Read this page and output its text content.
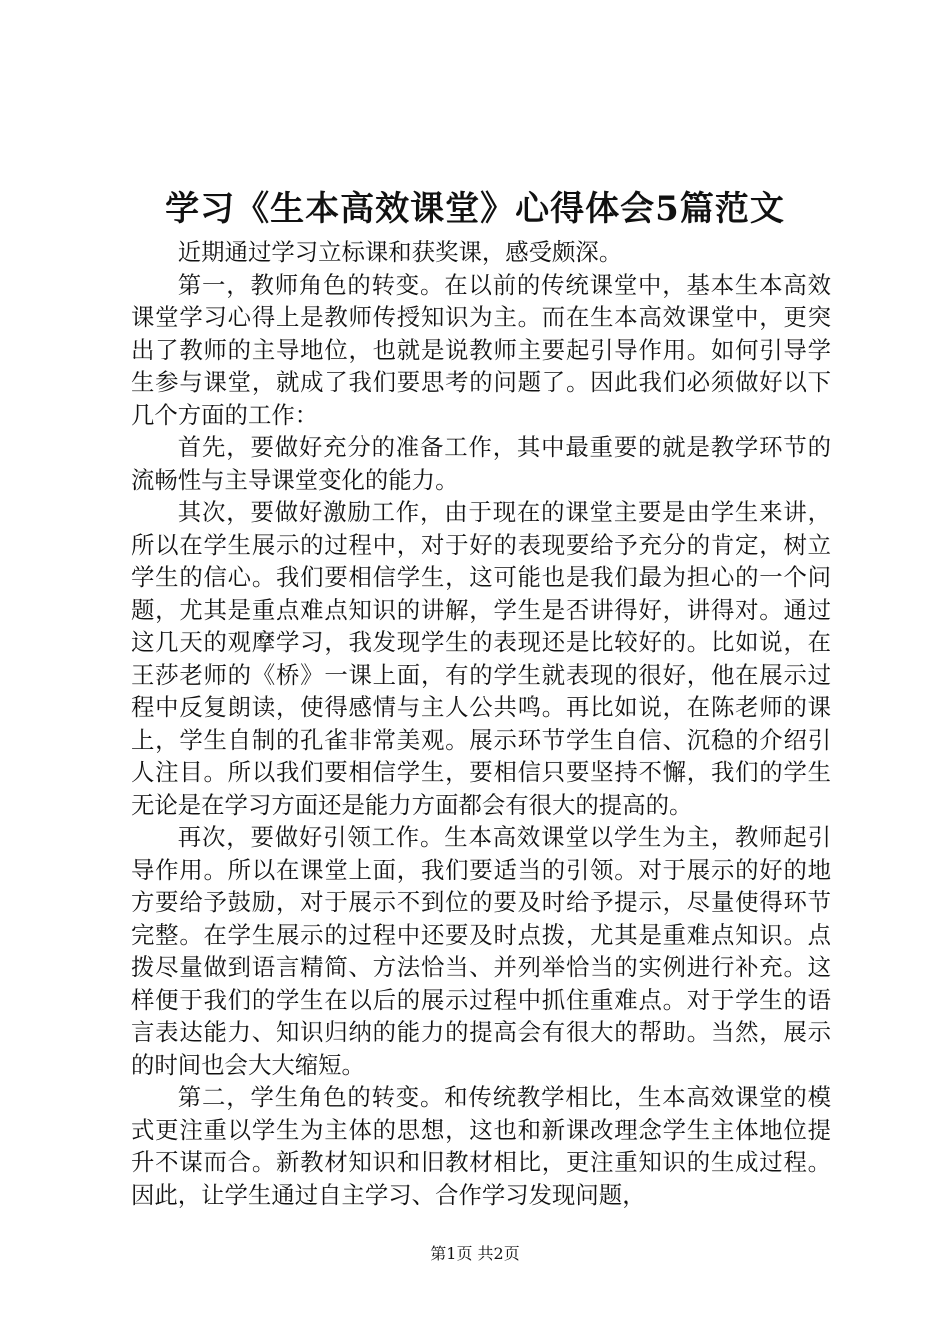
学习《生本高效课堂》心得体会5篇范文

近期通过学习立标课和获奖课，感受颇深。

第一，教师角色的转变。在以前的传统课堂中，基本生本高效课堂学习心得上是教师传授知识为主。而在生本高效课堂中，更突出了教师的主导地位，也就是说教师主要起引导作用。如何引导学生参与课堂，就成了我们要思考的问题了。因此我们必须做好以下几个方面的工作：

首先，要做好充分的准备工作，其中最重要的就是教学环节的流畅性与主导课堂变化的能力。

其次，要做好激励工作，由于现在的课堂主要是由学生来讲，所以在学生展示的过程中，对于好的表现要给予充分的肯定，树立学生的信心。我们要相信学生，这可能也是我们最为担心的一个问题，尤其是重点难点知识的讲解，学生是否讲得好，讲得对。通过这几天的观摩学习，我发现学生的表现还是比较好的。比如说，在王莎老师的《桥》一课上面，有的学生就表现的很好，他在展示过程中反复朗读，使得感情与主人公共鸣。再比如说，在陈老师的课上，学生自制的孔雀非常美观。展示环节学生自信、沉稳的介绍引人注目。所以我们要相信学生，要相信只要坚持不懈，我们的学生无论是在学习方面还是能力方面都会有很大的提高的。

再次，要做好引领工作。生本高效课堂以学生为主，教师起引导作用。所以在课堂上面，我们要适当的引领。对于展示的好的地方要给予鼓励，对于展示不到位的要及时给予提示，尽量使得环节完整。在学生展示的过程中还要及时点拨，尤其是重难点知识。点拨尽量做到语言精简、方法恰当、并列举恰当的实例进行补充。这样便于我们的学生在以后的展示过程中抓住重难点。对于学生的语言表达能力、知识归纳的能力的提高会有很大的帮助。当然，展示的时间也会大大缩短。

第二，学生角色的转变。和传统教学相比，生本高效课堂的模式更注重以学生为主体的思想，这也和新课改理念学生主体地位提升不谋而合。新教材知识和旧教材相比，更注重知识的生成过程。因此，让学生通过自主学习、合作学习发现问题，

第1页 共2页
